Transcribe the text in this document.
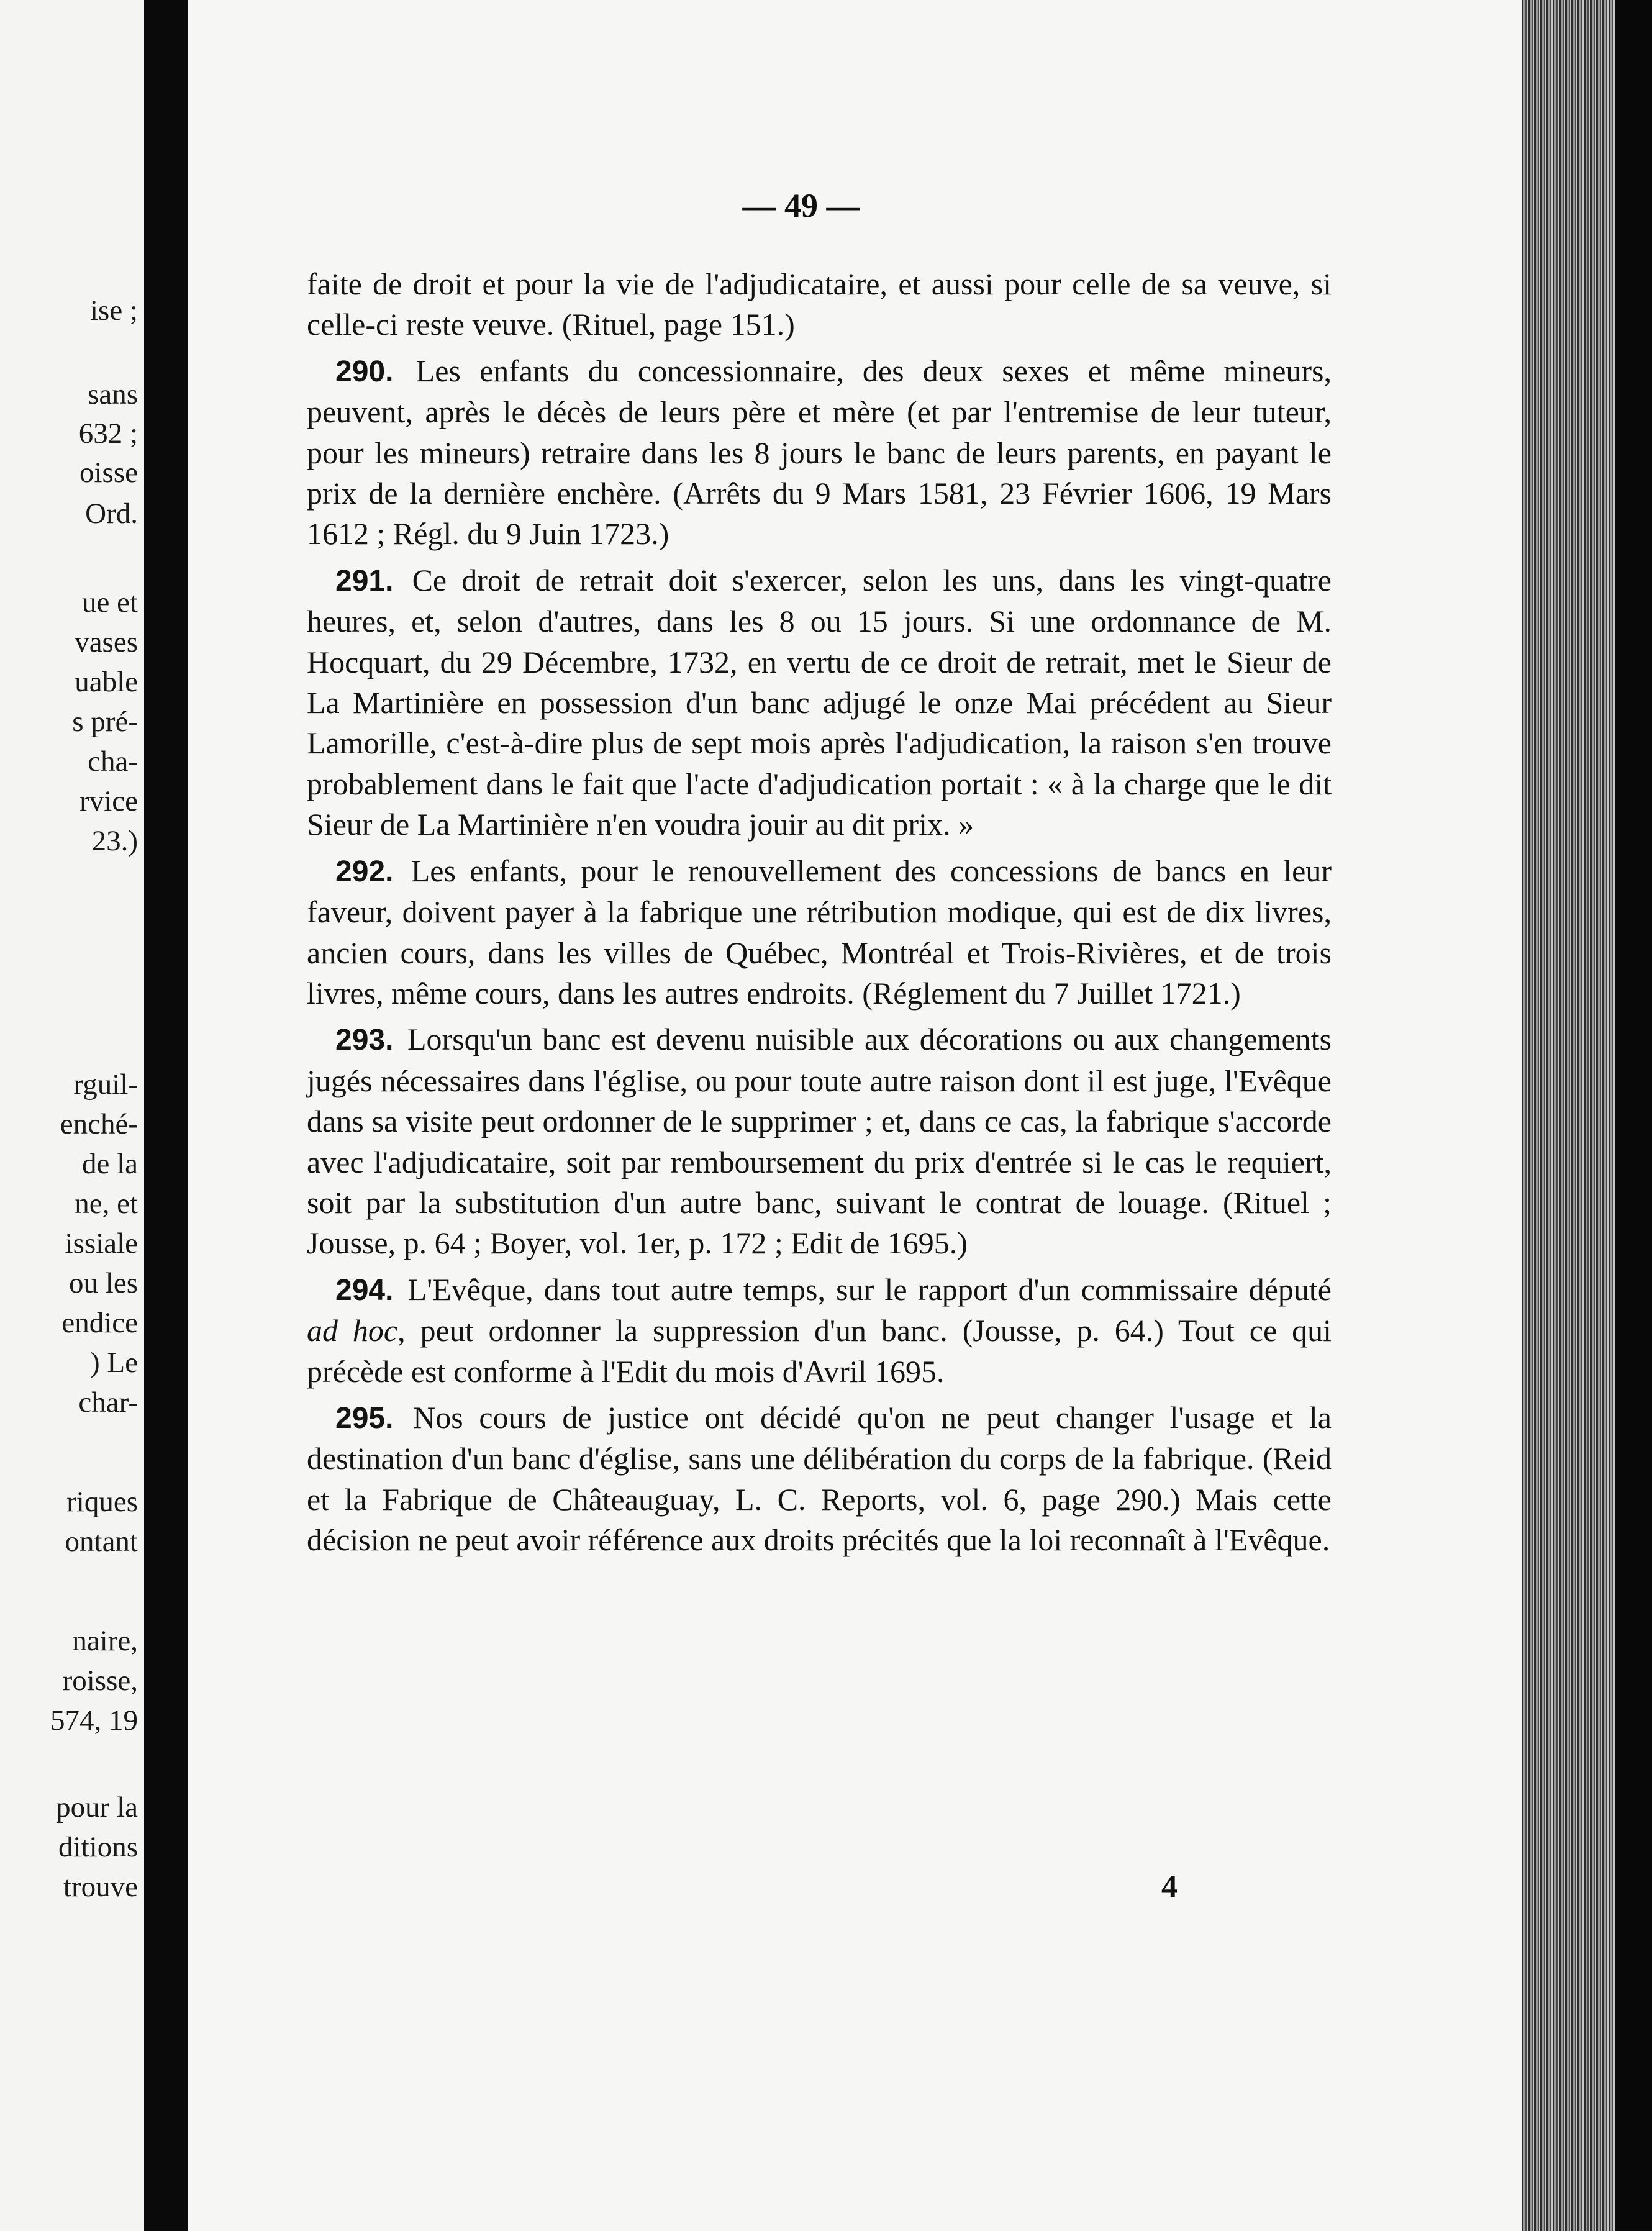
ise ;
sans
632 ;
oisse
Ord.
ue et
vases
uable
s pré-
cha-
rvice
23.)
rguil-
enché-
de la
ne, et
issiale
ou les
endice
) Le
char-
riques
ontant
naire,
roisse,
574, 19
pour la
ditions
trouve
— 49 —

faite de droit et pour la vie de l'adjudicataire, et aussi pour celle de sa veuve, si celle-ci reste veuve. (Rituel, page 151.)

290. Les enfants du concessionnaire, des deux sexes et même mineurs, peuvent, après le décès de leurs père et mère (et par l'entremise de leur tuteur, pour les mineurs) retraire dans les 8 jours le banc de leurs parents, en payant le prix de la dernière enchère. (Arrêts du 9 Mars 1581, 23 Février 1606, 19 Mars 1612 ; Régl. du 9 Juin 1723.)

291. Ce droit de retrait doit s'exercer, selon les uns, dans les vingt-quatre heures, et, selon d'autres, dans les 8 ou 15 jours. Si une ordonnance de M. Hocquart, du 29 Décembre, 1732, en vertu de ce droit de retrait, met le Sieur de La Martinière en possession d'un banc adjugé le onze Mai précédent au Sieur Lamorille, c'est-à-dire plus de sept mois après l'adjudication, la raison s'en trouve probablement dans le fait que l'acte d'adjudication portait : « à la charge que le dit Sieur de La Martinière n'en voudra jouir au dit prix. »

292. Les enfants, pour le renouvellement des concessions de bancs en leur faveur, doivent payer à la fabrique une rétribution modique, qui est de dix livres, ancien cours, dans les villes de Québec, Montréal et Trois-Rivières, et de trois livres, même cours, dans les autres endroits. (Réglement du 7 Juillet 1721.)

293. Lorsqu'un banc est devenu nuisible aux décorations ou aux changements jugés nécessaires dans l'église, ou pour toute autre raison dont il est juge, l'Evêque dans sa visite peut ordonner de le supprimer ; et, dans ce cas, la fabrique s'accorde avec l'adjudicataire, soit par remboursement du prix d'entrée si le cas le requiert, soit par la substitution d'un autre banc, suivant le contrat de louage. (Rituel ; Jousse, p. 64 ; Boyer, vol. 1er, p. 172 ; Edit de 1695.)

294. L'Evêque, dans tout autre temps, sur le rapport d'un commissaire député ad hoc, peut ordonner la suppression d'un banc. (Jousse, p. 64.) Tout ce qui précède est conforme à l'Edit du mois d'Avril 1695.

295. Nos cours de justice ont décidé qu'on ne peut changer l'usage et la destination d'un banc d'église, sans une délibération du corps de la fabrique. (Reid et la Fabrique de Châteauguay, L. C. Reports, vol. 6, page 290.) Mais cette décision ne peut avoir référence aux droits précités que la loi reconnaît à l'Evêque.

4
